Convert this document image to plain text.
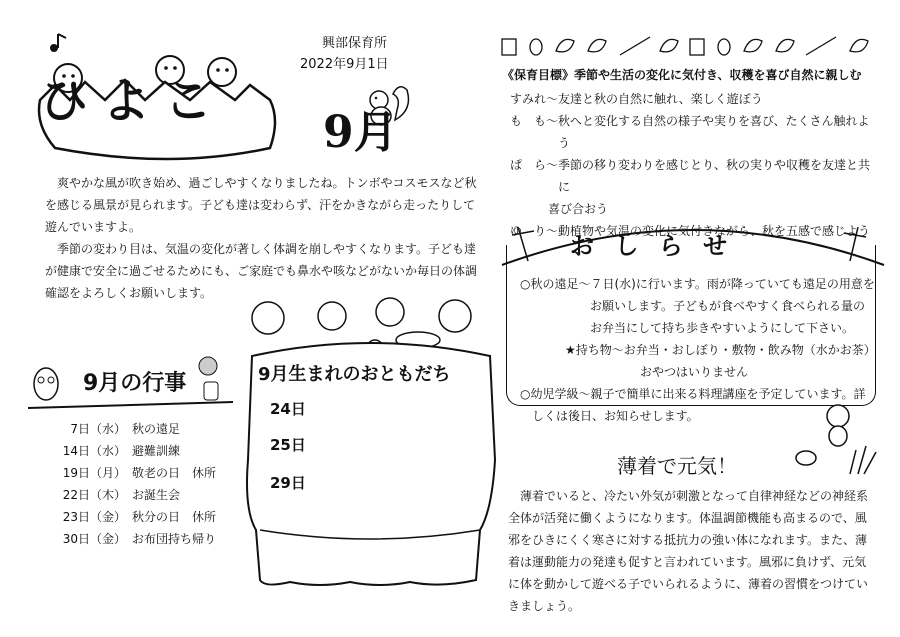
ひよこ
興部保育所
2022年9月1日
9月

爽やかな風が吹き始め、過ごしやすくなりましたね。トンボやコスモスなど秋を感じる風景が見られます。子ども達は変わらず、汗をかきながら走ったりして遊んでいますよ。

季節の変わり目は、気温の変化が著しく体調を崩しやすくなります。子ども達が健康で安全に過ごせるためにも、ご家庭でも鼻水や咳などがないか毎日の体調確認をよろしくお願いします。

9月の行事
7日（水） 秋の遠足
14日（水） 避難訓練
19日（月） 敬老の日　休所
22日（木） お誕生会
23日（金） 秋分の日　休所
30日（金） お布団持ち帰り
9月生まれのおともだち
24日
25日
29日
《保育目標》季節や生活の変化に気付き、収穫を喜び自然に親しむ
すみれ～ 友達と秋の自然に触れ、楽しく遊ぼう
も　も～ 秋へと変化する自然の様子や実りを喜び、たくさん触れよう
ぱ　ら～ 季節の移り変わりを感じとり、秋の実りや収穫を友達と共に
喜び合おう
ゆ　り～ 動植物や気温の変化に気付きながら、秋を五感で感じよう
お し ら せ
○秋の遠足～７日(水)に行います。雨が降っていても遠足の用意を
お願いします。子どもが食べやすく食べられる量の
お弁当にして持ち歩きやすいようにして下さい。
★持ち物～お弁当・おしぼり・敷物・飲み物（水かお茶）
おやつはいりません
○幼児学級～親子で簡単に出来る料理講座を予定しています。詳
しくは後日、お知らせします。
薄着で元気！

薄着でいると、冷たい外気が刺激となって自律神経などの神経系全体が活発に働くようになります。体温調節機能も高まるので、風邪をひきにくく寒さに対する抵抗力の強い体になれます。また、薄着は運動能力の発達も促すと言われています。風邪に負けず、元気に体を動かして遊べる子でいられるように、薄着の習慣をつけていきましょう。
